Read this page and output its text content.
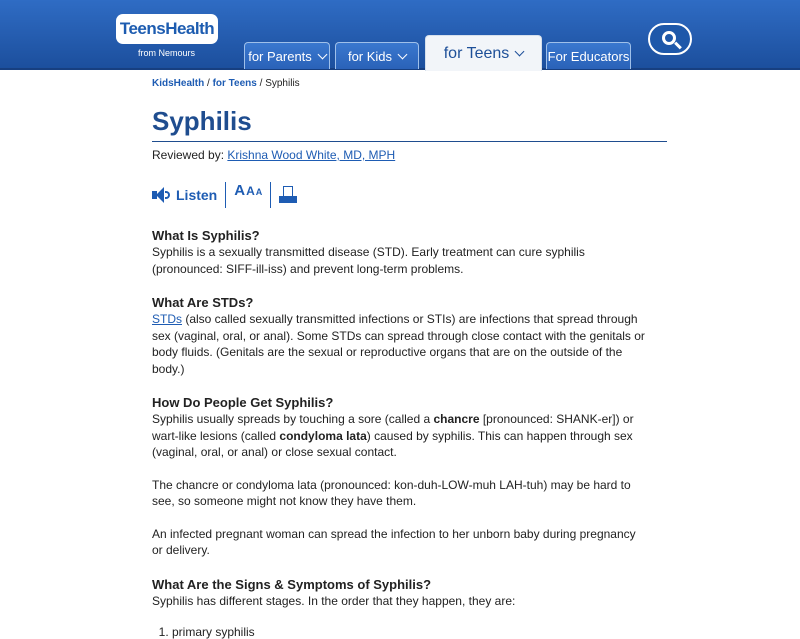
TeensHealth
from Nemours	for Parents	for Kids	for Teens	For Educators
KidsHealth / for Teens / Syphilis
Syphilis
Reviewed by: Krishna Wood White, MD, MPH
Listen A A A
What Is Syphilis?
Syphilis is a sexually transmitted disease (STD). Early treatment can cure syphilis (pronounced: SIFF-ill-iss) and prevent long-term problems.
What Are STDs?
STDs (also called sexually transmitted infections or STIs) are infections that spread through sex (vaginal, oral, or anal). Some STDs can spread through close contact with the genitals or body fluids. (Genitals are the sexual or reproductive organs that are on the outside of the body.)
How Do People Get Syphilis?
Syphilis usually spreads by touching a sore (called a chancre [pronounced: SHANK-er]) or wart-like lesions (called condyloma lata) caused by syphilis. This can happen through sex (vaginal, oral, or anal) or close sexual contact.
The chancre or condyloma lata (pronounced: kon-duh-LOW-muh LAH-tuh) may be hard to see, so someone might not know they have them.
An infected pregnant woman can spread the infection to her unborn baby during pregnancy or delivery.
What Are the Signs & Symptoms of Syphilis?
Syphilis has different stages. In the order that they happen, they are:
1. primary syphilis
